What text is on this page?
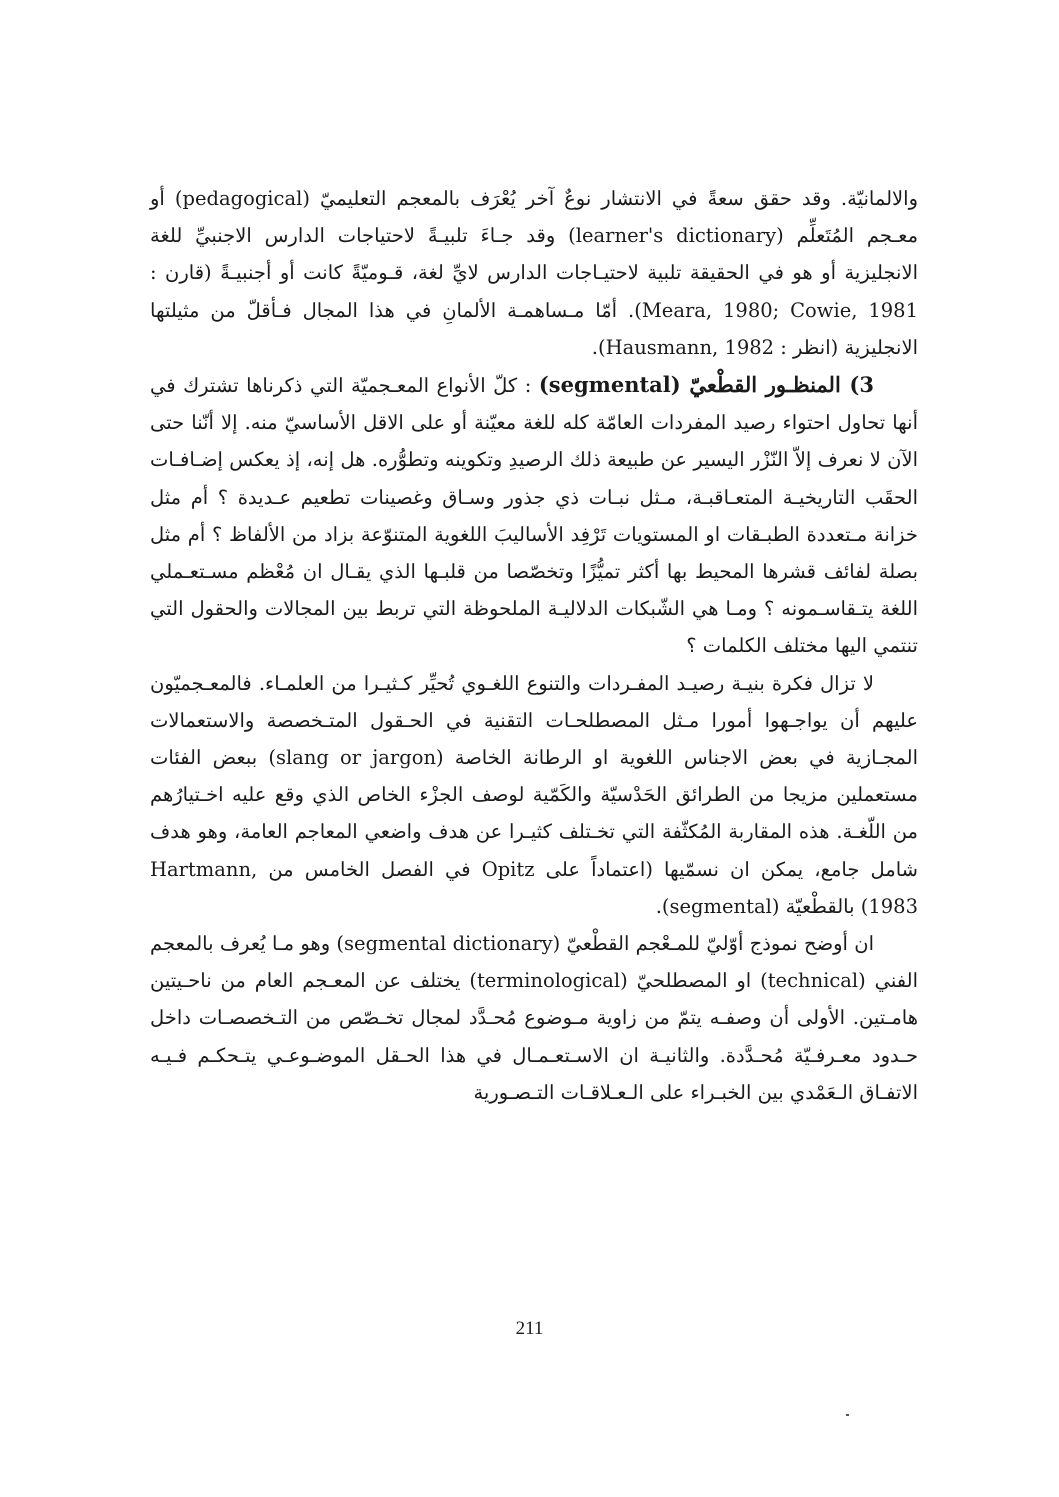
والالمانيّة. وقد حقق سعةً في الانتشار نوعٌ آخر يُعْرَف بالمعجم التعليميّ (pedagogical) أو معـجم المُتَعلِّم (learner's dictionary) وقد جـاءَ تلبيـةً لاحتياجات الدارس الاجنبيِّ للغة الانجليزية أو هو في الحقيقة تلبية لاحتيـاجات الدارس لايِّ لغة، قـوميّةً كانت أو أجنبيـةً (قارن : Meara, 1980; Cowie, 1981). أمّا مـساهمـة الألمانِ في هذا المجال فـأقلّ من مثيلتها الانجليزية (انظر : Hausmann, 1982).

3) المنظـور القطْعيّ (segmental) : كلّ الأنواع المعـجميّة التي ذكرناها تشترك في أنها تحاول احتواء رصيد المفردات العامّة كله للغة معيّنة أو على الاقل الأساسيّ منه. إلا أنّنا حتى الآن لا نعرف إلاّ النّزْر اليسير عن طبيعة ذلك الرصيدِ وتكوينه وتطوُّره. هل إنه، إذ يعكس إضـافـات الحقَب التاريخيـة المتعـاقبـة، مـثل نبـات ذي جذور وسـاق وغصينات تطعيم عـديدة ؟ أم مثل خزانة مـتعددة الطبـقات او المستويات تَرْفِد الأساليبَ اللغوية المتنوّعة بزاد من الألفاظ ؟ أم مثل بصلة لفائف قشرها المحيط بها أكثر تميُّزًا وتخصّصا من قلبـها الذي يقـال ان مُعْظم مسـتعـملي اللغة يتـقاسـمونه ؟ ومـا هي الشّبكات الدلاليـة الملحوظة التي تربط بين المجالات والحقول التي تنتمي اليها مختلف الكلمات ؟

لا تزال فكرة بنيـة رصيـد المفـردات والتنوع اللغـوي تُحيِّر كـثيـرا من العلمـاء. فالمعـجميّون عليهم أن يواجـهوا أمورا مـثل المصطلحـات التقنية في الحـقول المتـخصصة والاستعمالات المجـازية في بعض الاجناس اللغوية او الرطانة الخاصة (slang or jargon) ببعض الفئات مستعملين مزيجا من الطرائق الحَدْسيّة والكَمّية لوصف الجزْء الخاص الذي وقع عليه اخـتيارُهم من اللّغـة. هذه المقاربة المُكثّفة التي تخـتلف كثيـرا عن هدف واضعي المعاجم العامة، وهو هدف شامل جامع، يمكن ان نسمّيها (اعتماداً على Opitz في الفصل الخامس من Hartmann, 1983) بالقطْعيّة (segmental).

ان أوضح نموذج أوّليّ للمـعْجم القطْعيّ (segmental dictionary) وهو مـا يُعرف بالمعجم الفني (technical) او المصطلحيّ (terminological) يختلف عن المعـجم العام من ناحـيتين هامـتين. الأولى أن وصفـه يتمّ من زاوية مـوضوع مُحـدَّد لمجال تخـصّص من التـخصصـات داخل حـدود معـرفـيّة مُحـدَّدة. والثانيـة ان الاسـتعـمـال في هذا الحـقل الموضـوعـي يتـحكـم فـيـه الاتفـاق الـعَمْدي بين الخبـراء على الـعـلاقـات التـصـورية

211
